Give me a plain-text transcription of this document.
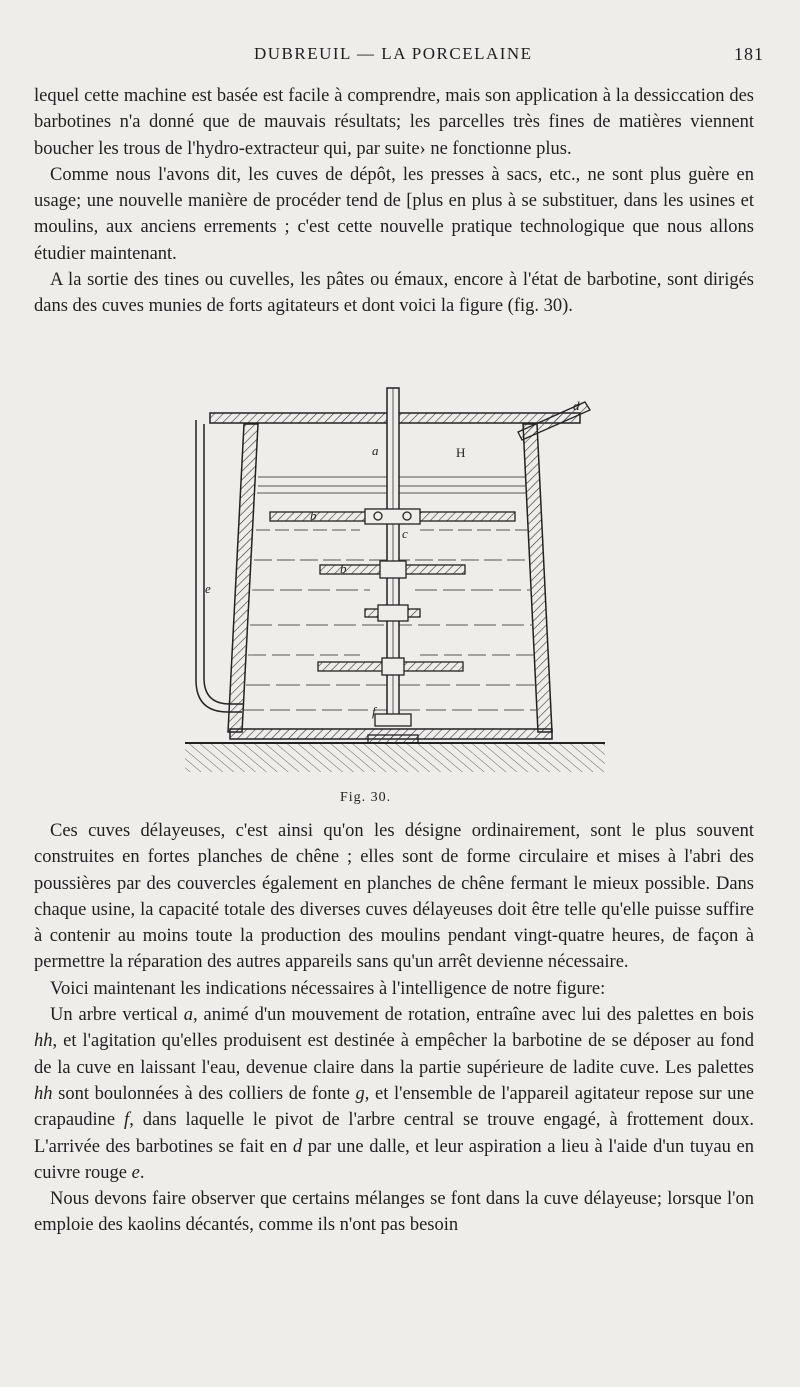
DUBREUIL — LA PORCELAINE	181

lequel cette machine est basée est facile à comprendre, mais son application à la dessiccation des barbotines n'a donné que de mauvais résultats; les parcelles très fines de matières viennent boucher les trous de l'hydro-extracteur qui, par suite› ne fonctionne plus.

Comme nous l'avons dit, les cuves de dépôt, les presses à sacs, etc., ne sont plus guère en usage; une nouvelle manière de procéder tend de [plus en plus à se substituer, dans les usines et moulins, aux anciens errements ; c'est cette nouvelle pratique technologique que nous allons étudier maintenant.

A la sortie des tines ou cuvelles, les pâtes ou émaux, encore à l'état de barbotine, sont dirigés dans des cuves munies de forts agitateurs et dont voici la figure (fig. 30).

a	H
b
c
b
d
e
f
Fig. 30.

Ces cuves délayeuses, c'est ainsi qu'on les désigne ordinairement, sont le plus souvent construites en fortes planches de chêne ; elles sont de forme circulaire et mises à l'abri des poussières par des couvercles également en planches de chêne fermant le mieux possible. Dans chaque usine, la capacité totale des diverses cuves délayeuses doit être telle qu'elle puisse suffire à contenir au moins toute la production des moulins pendant vingt-quatre heures, de façon à permettre la réparation des autres appareils sans qu'un arrêt devienne nécessaire.

Voici maintenant les indications nécessaires à l'intelligence de notre figure:

Un arbre vertical a, animé d'un mouvement de rotation, entraîne avec lui des palettes en bois hh, et l'agitation qu'elles produisent est destinée à empêcher la barbotine de se déposer au fond de la cuve en laissant l'eau, devenue claire dans la partie supérieure de ladite cuve. Les palettes hh sont boulonnées à des colliers de fonte g, et l'ensemble de l'appareil agitateur repose sur une crapaudine f, dans laquelle le pivot de l'arbre central se trouve engagé, à frottement doux. L'arrivée des barbotines se fait en d par une dalle, et leur aspiration a lieu à l'aide d'un tuyau en cuivre rouge e.

Nous devons faire observer que certains mélanges se font dans la cuve délayeuse; lorsque l'on emploie des kaolins décantés, comme ils n'ont pas besoin
